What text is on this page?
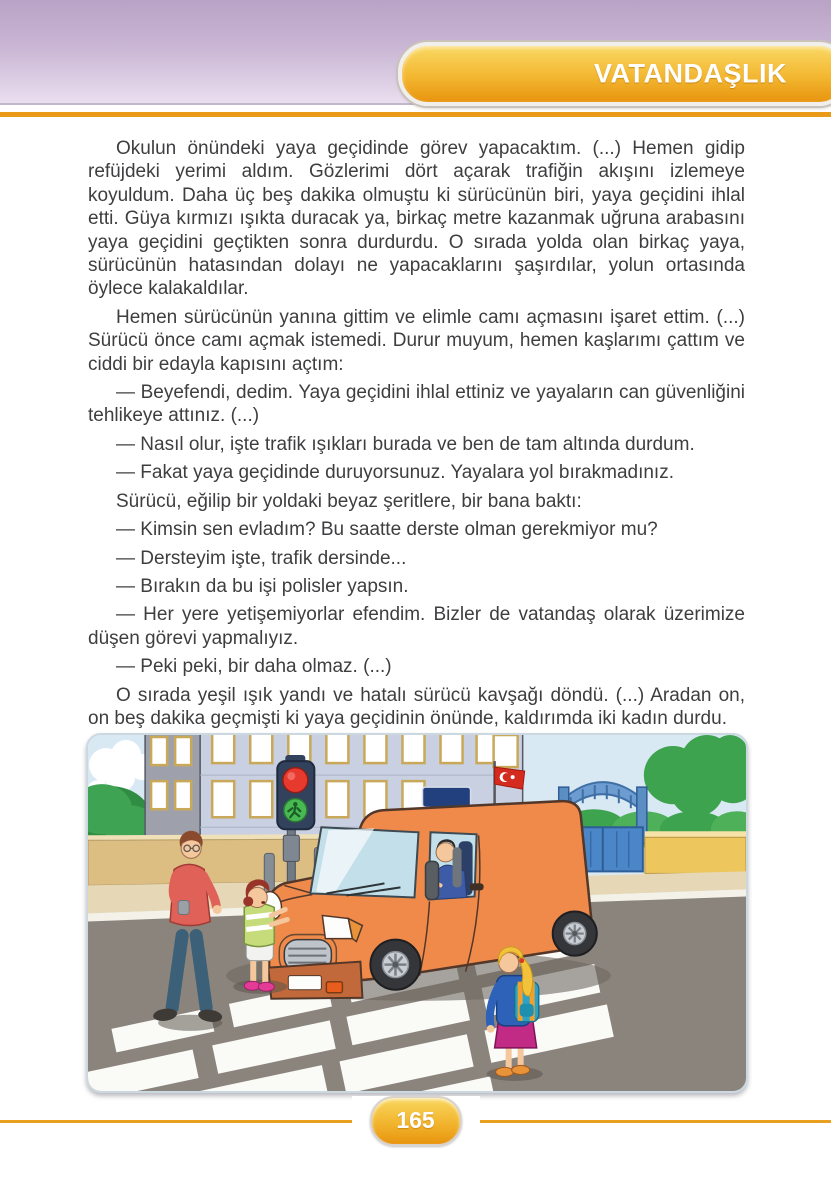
VATANDAŞLIK

Okulun önündeki yaya geçidinde görev yapacaktım. (...) Hemen gidip refüjdeki yerimi aldım. Gözlerimi dört açarak trafiğin akışını izlemeye koyuldum. Daha üç beş dakika olmuştu ki sürücünün biri, yaya geçidini ihlal etti. Güya kırmızı ışıkta duracak ya, birkaç metre kazanmak uğruna arabasını yaya geçidini geçtikten sonra durdurdu. O sırada yolda olan birkaç yaya, sürücünün hatasından dolayı ne yapacaklarını şaşırdılar, yolun ortasında öylece kalakaldılar.

Hemen sürücünün yanına gittim ve elimle camı açmasını işaret ettim. (...) Sürücü önce camı açmak istemedi. Durur muyum, hemen kaşlarımı çattım ve ciddi bir edayla kapısını açtım:

— Beyefendi, dedim. Yaya geçidini ihlal ettiniz ve yayaların can güvenliğini tehlikeye attınız. (...)

— Nasıl olur, işte trafik ışıkları burada ve ben de tam altında durdum.

— Fakat yaya geçidinde duruyorsunuz. Yayalara yol bırakmadınız.

Sürücü, eğilip bir yoldaki beyaz şeritlere, bir bana baktı:

— Kimsin sen evladım? Bu saatte derste olman gerekmiyor mu?

— Dersteyim işte, trafik dersinde...

— Bırakın da bu işi polisler yapsın.

— Her yere yetişemiyorlar efendim. Bizler de vatandaş olarak üzerimize düşen görevi yapmalıyız.

— Peki peki, bir daha olmaz. (...)

O sırada yeşil ışık yandı ve hatalı sürücü kavşağı döndü. (...) Aradan on, on beş dakika geçmişti ki yaya geçidinin önünde, kaldırımda iki kadın durdu.

165
